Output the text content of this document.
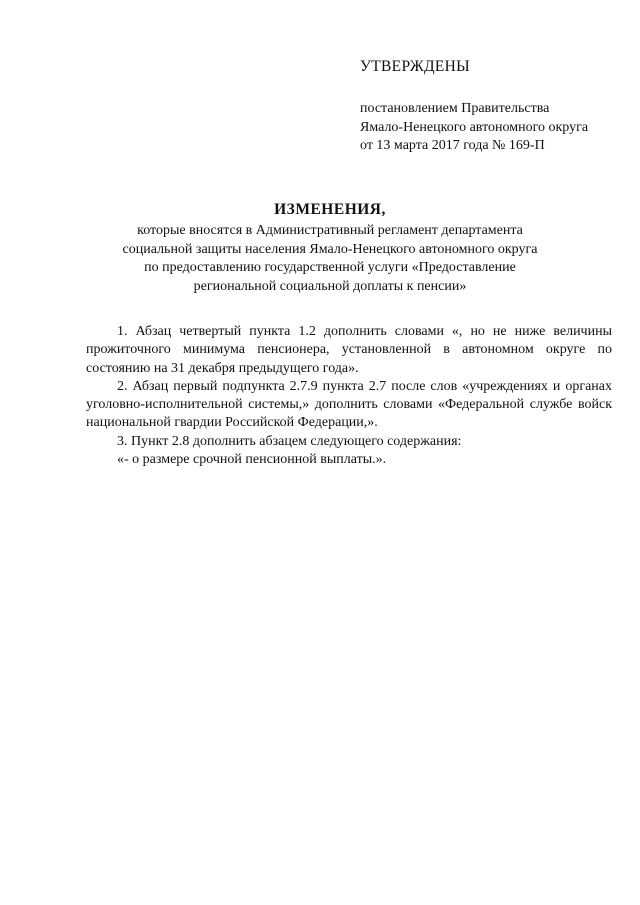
УТВЕРЖДЕНЫ

постановлением Правительства

Ямало-Ненецкого автономного округа

от 13 марта 2017 года № 169-П

ИЗМЕНЕНИЯ,

которые вносятся в Административный регламент департамента

социальной защиты населения Ямало-Ненецкого автономного округа

по предоставлению государственной услуги «Предоставление

региональной социальной доплаты к пенсии»

1. Абзац четвертый пункта 1.2 дополнить словами «, но не ниже величины прожиточного минимума пенсионера, установленной в автономном округе по состоянию на 31 декабря предыдущего года».

2. Абзац первый подпункта 2.7.9 пункта 2.7 после слов «учреждениях и органах уголовно-исполнительной системы,» дополнить словами «Федеральной службе войск национальной гвардии Российской Федерации,».

3. Пункт 2.8 дополнить абзацем следующего содержания:

«- о размере срочной пенсионной выплаты.».
